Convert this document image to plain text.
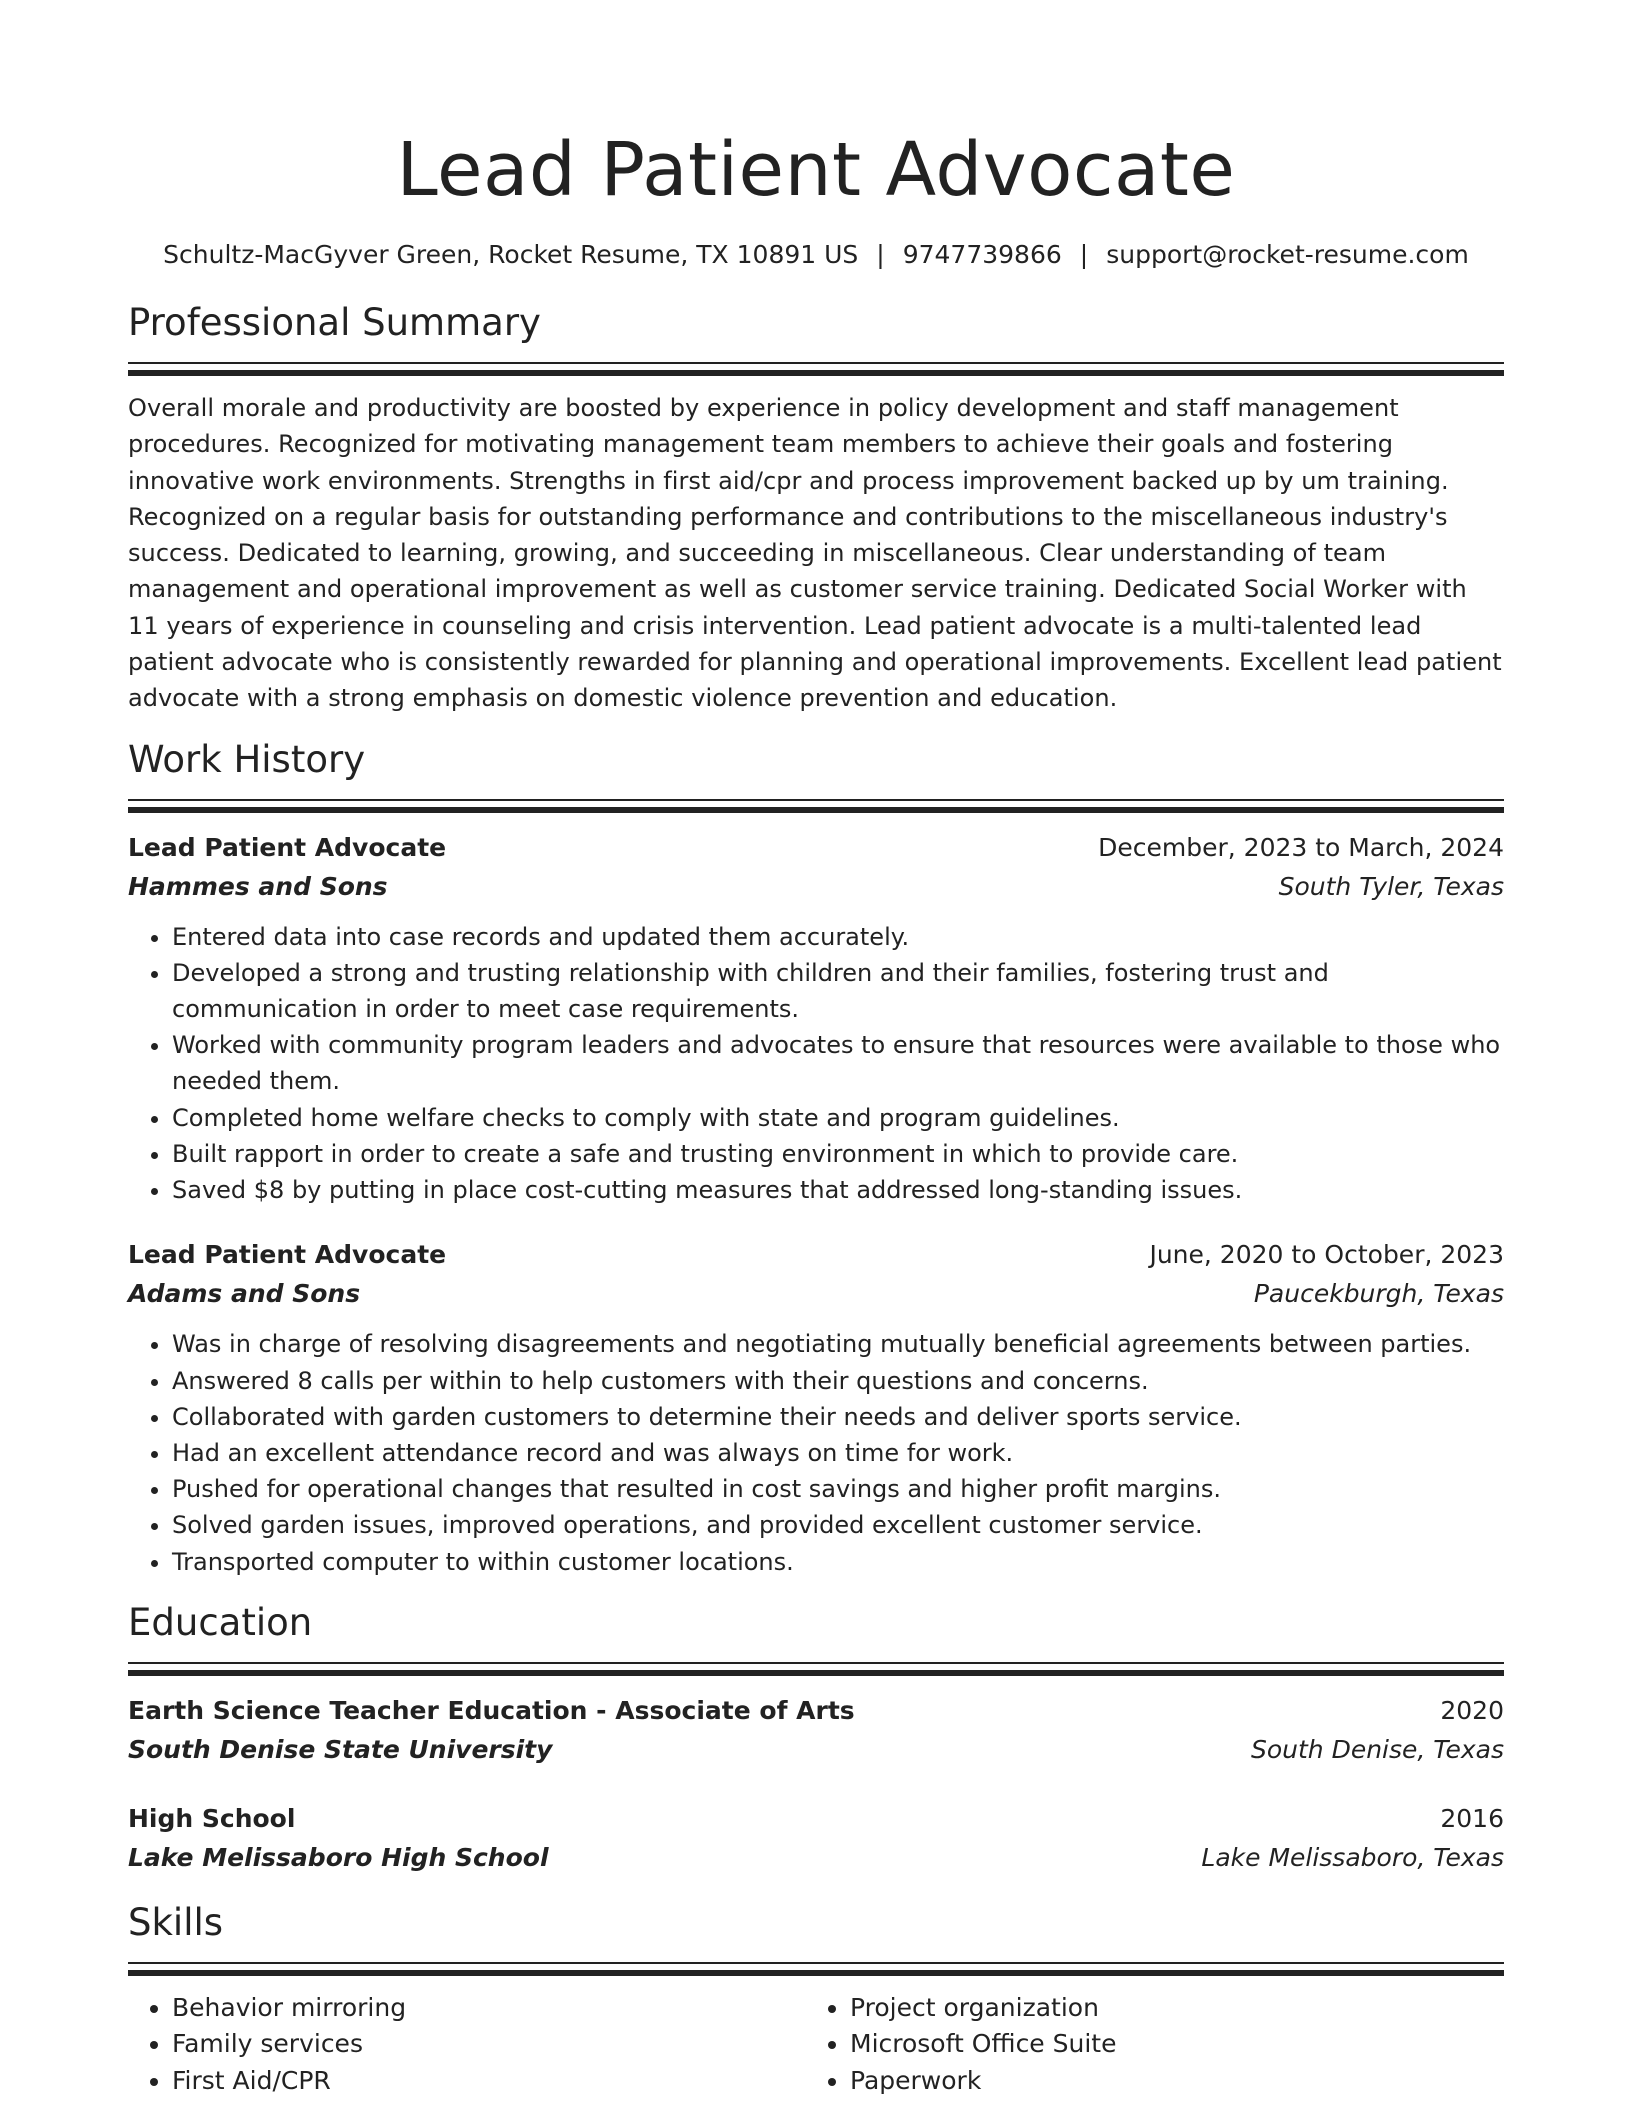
Lead Patient Advocate
Schultz-MacGyver Green, Rocket Resume, TX 10891 US | 9747739866 | support@rocket-resume.com
Professional Summary
Overall morale and productivity are boosted by experience in policy development and staff management procedures. Recognized for motivating management team members to achieve their goals and fostering innovative work environments. Strengths in first aid/cpr and process improvement backed up by um training. Recognized on a regular basis for outstanding performance and contributions to the miscellaneous industry's success. Dedicated to learning, growing, and succeeding in miscellaneous. Clear understanding of team management and operational improvement as well as customer service training. Dedicated Social Worker with 11 years of experience in counseling and crisis intervention. Lead patient advocate is a multi-talented lead patient advocate who is consistently rewarded for planning and operational improvements. Excellent lead patient advocate with a strong emphasis on domestic violence prevention and education.
Work History
Lead Patient Advocate	December, 2023 to March, 2024
Hammes and Sons	South Tyler, Texas
• Entered data into case records and updated them accurately.
• Developed a strong and trusting relationship with children and their families, fostering trust and communication in order to meet case requirements.
• Worked with community program leaders and advocates to ensure that resources were available to those who needed them.
• Completed home welfare checks to comply with state and program guidelines.
• Built rapport in order to create a safe and trusting environment in which to provide care.
• Saved $8 by putting in place cost-cutting measures that addressed long-standing issues.
Lead Patient Advocate	June, 2020 to October, 2023
Adams and Sons	Paucekburgh, Texas
• Was in charge of resolving disagreements and negotiating mutually beneficial agreements between parties.
• Answered 8 calls per within to help customers with their questions and concerns.
• Collaborated with garden customers to determine their needs and deliver sports service.
• Had an excellent attendance record and was always on time for work.
• Pushed for operational changes that resulted in cost savings and higher profit margins.
• Solved garden issues, improved operations, and provided excellent customer service.
• Transported computer to within customer locations.
Education
Earth Science Teacher Education - Associate of Arts	2020
South Denise State University	South Denise, Texas
High School	2016
Lake Melissaboro High School	Lake Melissaboro, Texas
Skills
• Behavior mirroring
• Family services
• First Aid/CPR
• Project organization
• Microsoft Office Suite
• Paperwork
